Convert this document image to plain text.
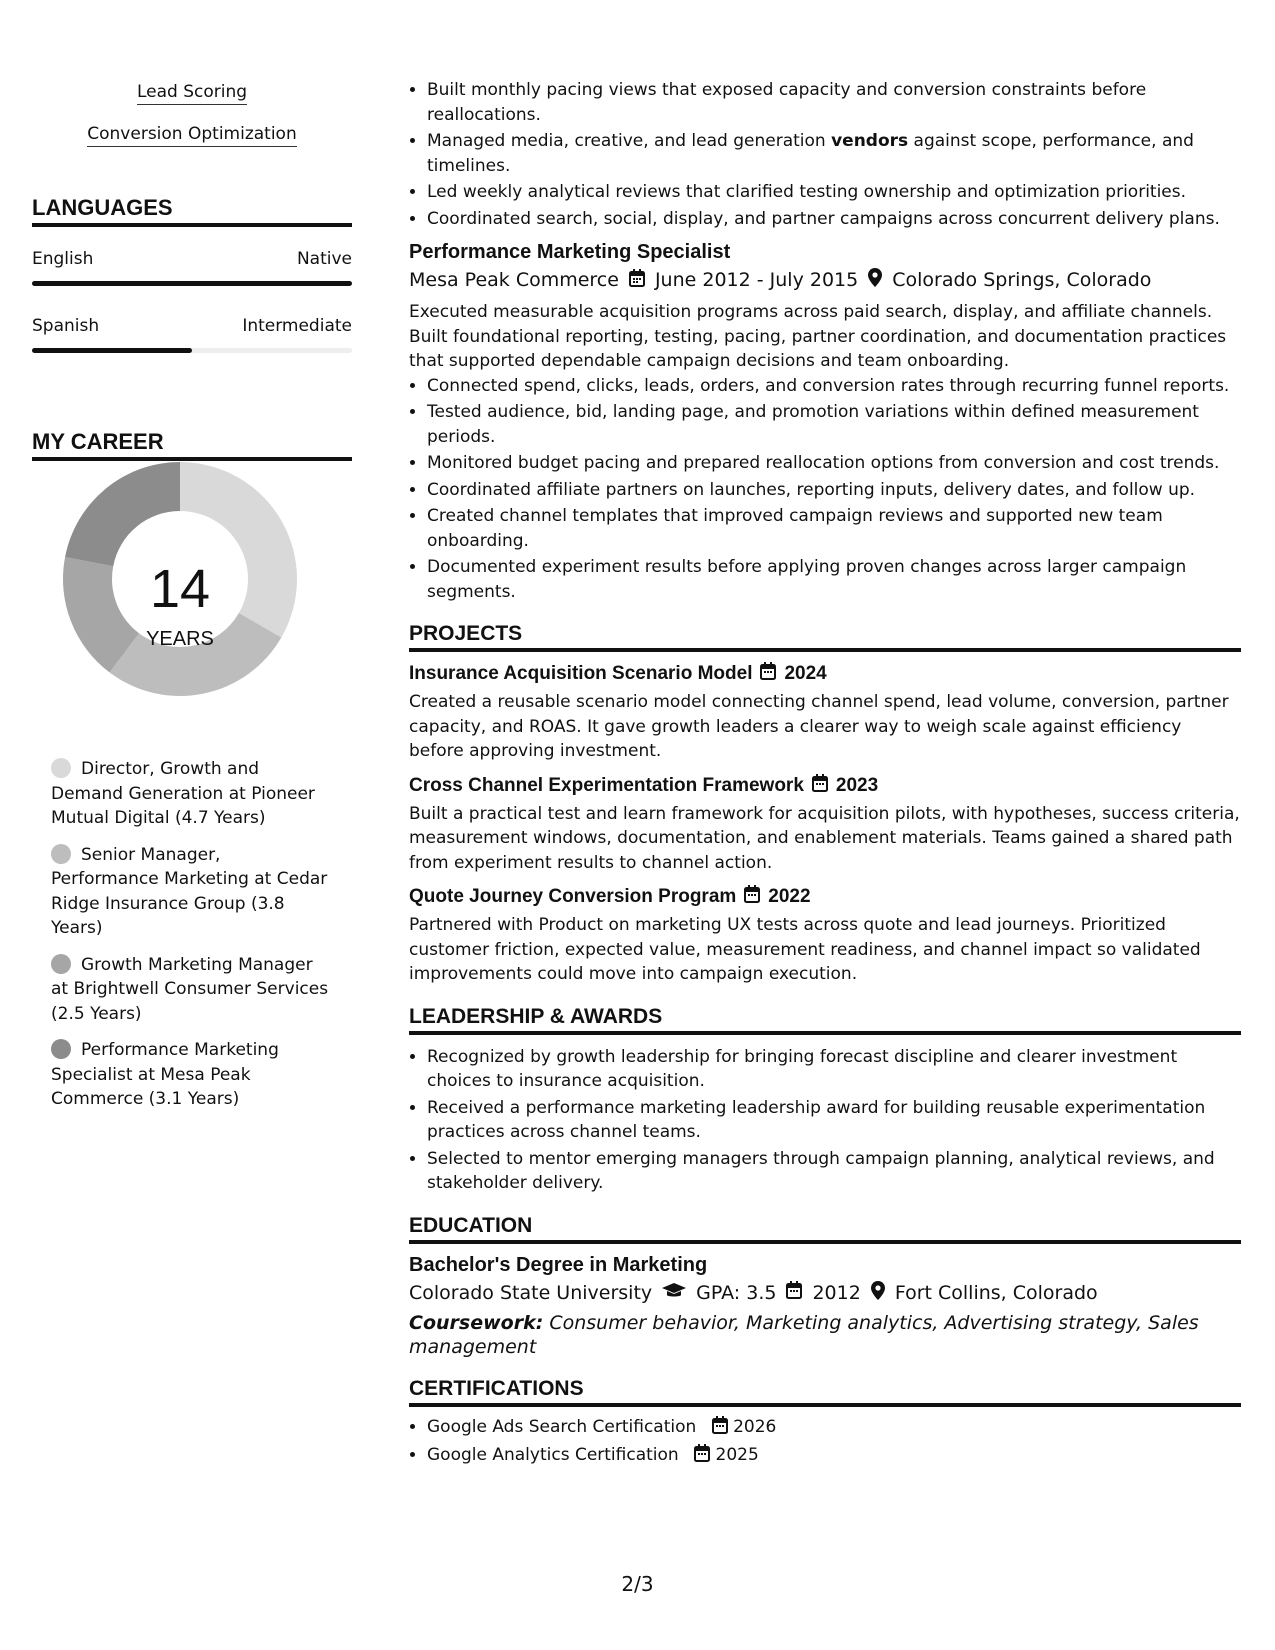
Lead Scoring
Conversion Optimization
LANGUAGES
English	Native
Spanish	Intermediate
MY CAREER
14
YEARS
Director, Growth and Demand Generation at Pioneer Mutual Digital (4.7 Years)
Senior Manager, Performance Marketing at Cedar Ridge Insurance Group (3.8 Years)
Growth Marketing Manager at Brightwell Consumer Services (2.5 Years)
Performance Marketing Specialist at Mesa Peak Commerce (3.1 Years)
• Built monthly pacing views that exposed capacity and conversion constraints before reallocations.
• Managed media, creative, and lead generation vendors against scope, performance, and timelines.
• Led weekly analytical reviews that clarified testing ownership and optimization priorities.
• Coordinated search, social, display, and partner campaigns across concurrent delivery plans.
Performance Marketing Specialist
Mesa Peak Commerce June 2012 - July 2015 Colorado Springs, Colorado

Executed measurable acquisition programs across paid search, display, and affiliate channels. Built foundational reporting, testing, pacing, partner coordination, and documentation practices that supported dependable campaign decisions and team onboarding.

• Connected spend, clicks, leads, orders, and conversion rates through recurring funnel reports.
• Tested audience, bid, landing page, and promotion variations within defined measurement periods.
• Monitored budget pacing and prepared reallocation options from conversion and cost trends.
• Coordinated affiliate partners on launches, reporting inputs, delivery dates, and follow up.
• Created channel templates that improved campaign reviews and supported new team onboarding.
• Documented experiment results before applying proven changes across larger campaign segments.
PROJECTS
Insurance Acquisition Scenario Model 2024
Created a reusable scenario model connecting channel spend, lead volume, conversion, partner capacity, and ROAS. It gave growth leaders a clearer way to weigh scale against efficiency before approving investment.
Cross Channel Experimentation Framework 2023
Built a practical test and learn framework for acquisition pilots, with hypotheses, success criteria, measurement windows, documentation, and enablement materials. Teams gained a shared path from experiment results to channel action.
Quote Journey Conversion Program 2022
Partnered with Product on marketing UX tests across quote and lead journeys. Prioritized customer friction, expected value, measurement readiness, and channel impact so validated improvements could move into campaign execution.
LEADERSHIP & AWARDS
• Recognized by growth leadership for bringing forecast discipline and clearer investment choices to insurance acquisition.
• Received a performance marketing leadership award for building reusable experimentation practices across channel teams.
• Selected to mentor emerging managers through campaign planning, analytical reviews, and stakeholder delivery.
EDUCATION
Bachelor's Degree in Marketing
Colorado State University GPA: 3.5 2012 Fort Collins, Colorado
Coursework: Consumer behavior, Marketing analytics, Advertising strategy, Sales management
CERTIFICATIONS
• Google Ads Search Certification 2026
• Google Analytics Certification 2025
2/3
